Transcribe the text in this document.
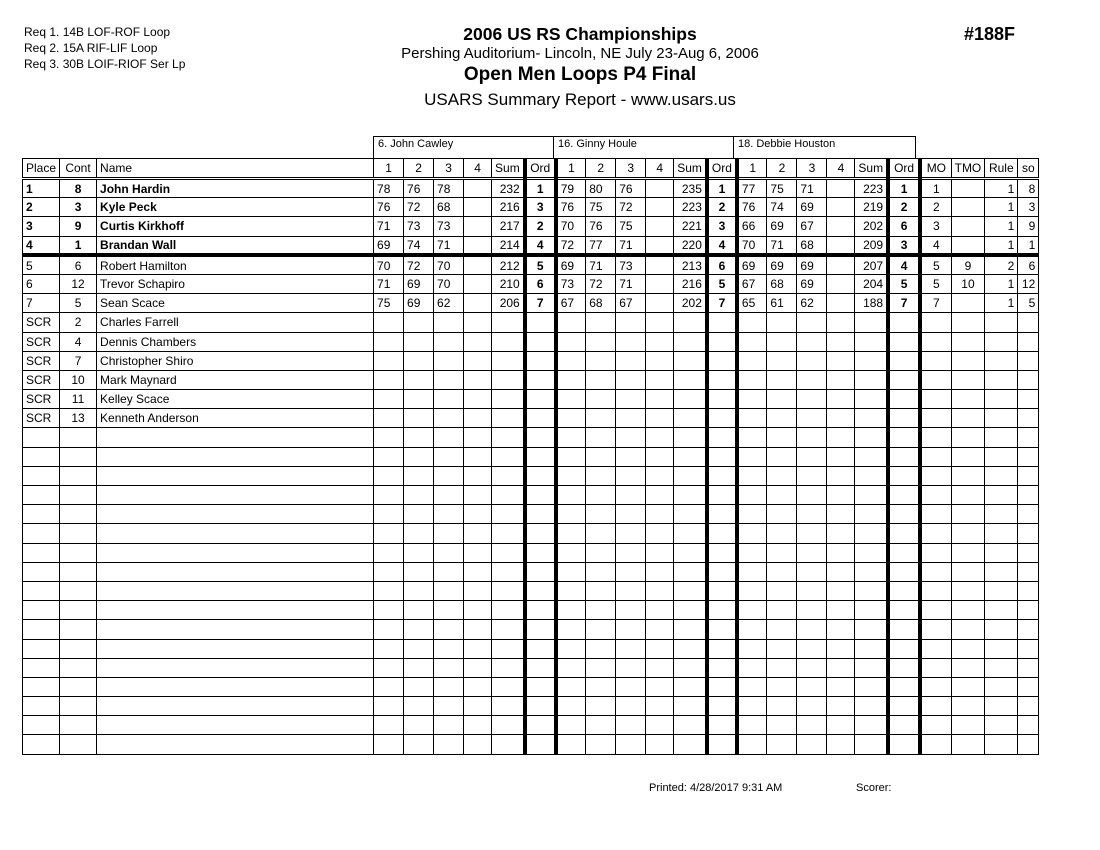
Req 1. 14B LOF-ROF Loop
Req 2. 15A RIF-LIF Loop
Req 3. 30B LOIF-RIOF Ser Lp
2006 US RS Championships
Pershing Auditorium- Lincoln, NE July 23-Aug 6, 2006
Open Men Loops P4 Final
USARS Summary Report - www.usars.us
#188F
6. John Cawley	16. Ginny Houle	18. Debbie Houston
Place	Cont	Name	1	2	3	4	Sum	Ord	1	2	3	4	Sum	Ord	1	2	3	4	Sum	Ord	MO	TMO	Rule	so
1	8	John Hardin	78	76	78		232	1	79	80	76		235	1	77	75	71		223	1	1		1	8
2	3	Kyle Peck	76	72	68		216	3	76	75	72		223	2	76	74	69		219	2	2		1	3
3	9	Curtis Kirkhoff	71	73	73		217	2	70	76	75		221	3	66	69	67		202	6	3		1	9
4	1	Brandan Wall	69	74	71		214	4	72	77	71		220	4	70	71	68		209	3	4		1	1
5	6	Robert Hamilton	70	72	70		212	5	69	71	73		213	6	69	69	69		207	4	5	9	2	6
6	12	Trevor Schapiro	71	69	70		210	6	73	72	71		216	5	67	68	69		204	5	5	10	1	12
7	5	Sean Scace	75	69	62		206	7	67	68	67		202	7	65	61	62		188	7	7		1	5
SCR	2	Charles Farrell																						
SCR	4	Dennis Chambers																						
SCR	7	Christopher Shiro																						
SCR	10	Mark Maynard																						
SCR	11	Kelley Scace																						
SCR	13	Kenneth Anderson																						

Printed: 4/28/2017 9:31 AM	Scorer:
